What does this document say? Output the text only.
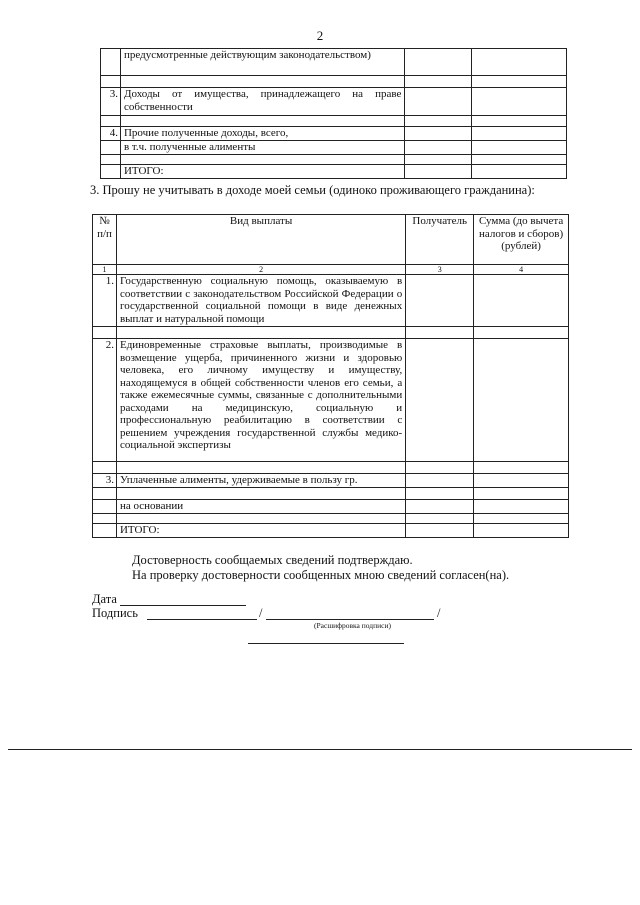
2
	предусмотренные действующим законодательством)		

3.	Доходы от имущества, принадлежащего на праве собственности		

4.	Прочие полученные доходы, всего,		
	в т.ч. полученные алименты		

	ИТОГО:		
3. Прошу не учитывать в доходе моей семьи (одиноко проживающего гражданина):
№ п/п	Вид выплаты	Получатель	Сумма (до вычета налогов и сборов) (рублей)
1	2	3	4
1.	Государственную социальную помощь, оказываемую в соответствии с законодательством Российской Федерации о государственной социальной помощи в виде денежных выплат и натуральной помощи		

2.	Единовременные страховые выплаты, производимые в возмещение ущерба, причиненного жизни и здоровью человека, его личному имуществу и имуществу, находящемуся в общей собственности членов его семьи, а также ежемесячные суммы, связанные с дополнительными расходами на медицинскую, социальную и профессиональную реабилитацию в соответствии с решением учреждения государственной службы медико-социальной экспертизы		

3.	Уплаченные алименты, удерживаемые в пользу гр.		

	на основании		

	ИТОГО:		
Достоверность сообщаемых сведений подтверждаю.
На проверку достоверности сообщенных мною сведений согласен(на).
Дата
Подпись	/	/
(Расшифровка подписи)
